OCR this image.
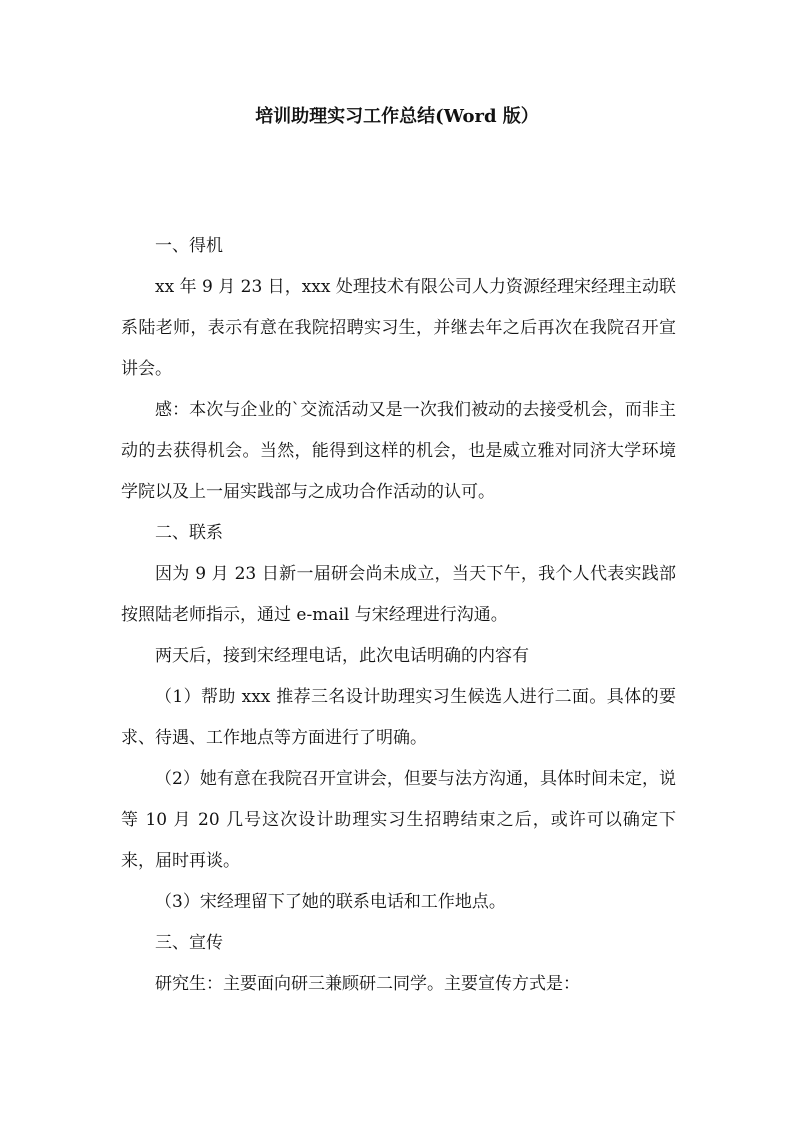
培训助理实习工作总结(Word 版）

一、得机

xx 年 9 月 23 日，xxx 处理技术有限公司人力资源经理宋经理主动联系陆老师，表示有意在我院招聘实习生，并继去年之后再次在我院召开宣讲会。

感：本次与企业的`交流活动又是一次我们被动的去接受机会，而非主动的去获得机会。当然，能得到这样的机会，也是威立雅对同济大学环境学院以及上一届实践部与之成功合作活动的认可。

二、联系

因为 9 月 23 日新一届研会尚未成立，当天下午，我个人代表实践部按照陆老师指示，通过 e-mail 与宋经理进行沟通。

两天后，接到宋经理电话，此次电话明确的内容有

（1）帮助 xxx 推荐三名设计助理实习生候选人进行二面。具体的要求、待遇、工作地点等方面进行了明确。

（2）她有意在我院召开宣讲会，但要与法方沟通，具体时间未定，说等 10 月 20 几号这次设计助理实习生招聘结束之后，或许可以确定下来，届时再谈。

（3）宋经理留下了她的联系电话和工作地点。

三、宣传

研究生：主要面向研三兼顾研二同学。主要宣传方式是：
